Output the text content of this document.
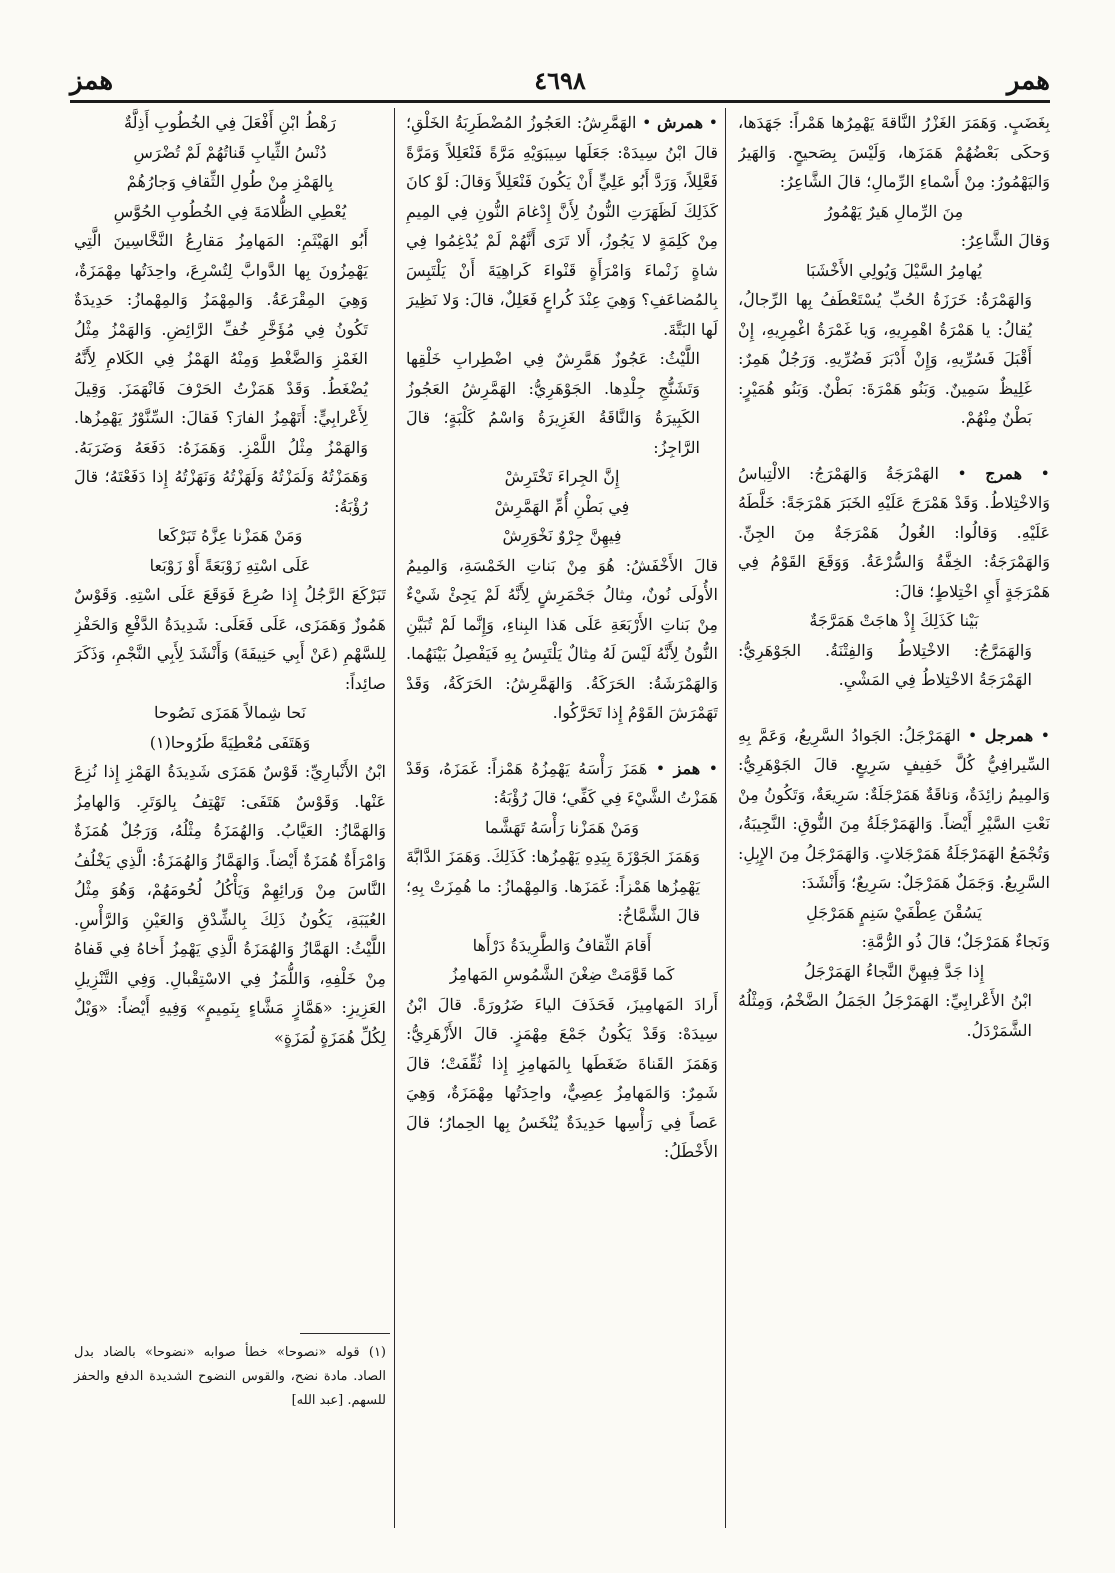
همر
٤٦٩٨
همز
بِغَضَبٍ. وَهَمَرَ الغَزْرُ النَّاقةَ يَهْمِرُها هَمْراً: جَهَدَها، وَحكَى بَعْضُهُمْ هَمَزَها، وَلَيْسَ بِصَحيحٍ. وَالهَيرُ وَاليَهْمُورُ: مِنْ أَسْماءِ الرِّمالِ؛ قالَ الشَّاعِرُ:
مِنَ الرِّمالِ هَيرٌ يَهْمُورُ
وَقالَ الشَّاعِرُ:
يُهامِرُ السَّيْلَ وَيُولِي الأَخْشَبَا
وَالهَمْرَةُ: خَرَزَةُ الحُبِّ يُسْتَعْطَفُ بِها الرِّجالُ، يُقالُ: يا هَمْرَةُ اهْمِرِيهِ، وَيا غَمْرَةُ اغْمِرِيهِ، إِنْ أَقْبَلَ فَسُرِّيهِ، وَإِنْ أَدْبَرَ فَضُرِّيهِ. وَرَجُلٌ هَمِرٌ: غَلِيظٌ سَمِينٌ. وَبَنُو هَمْرَةَ: بَطْنٌ. وَبَنُو هُمَيْرٍ: بَطْنٌ مِنْهُمْ.
• همرج • الهَمْرَجَةُ وَالهَمْرَجُ: الالْتِباسُ وَالاخْتِلاطُ. وَقَدْ هَمْرَجَ عَلَيْهِ الخَبَرَ هَمْرَجَةً: خَلَّطَهُ عَلَيْهِ. وَقالُوا: الغُولُ هَمْرَجَةٌ مِنَ الجِنِّ. وَالهَمْرَجَةُ: الخِفَّةُ وَالسُّرْعَةُ. وَوَقَعَ القَوْمُ فِي هَمْرَجَةٍ أَيِ اخْتِلاطٍ؛ قالَ:
بَيْنا كَذَلِكَ إِذْ هاجَتْ هَمَرَّجَةٌ
وَالهَمَرَّجُ: الاخْتِلاطُ وَالفِتْنَةُ. الجَوْهَرِيُّ: الهَمْرَجَةُ الاخْتِلاطُ فِي المَشْيِ.
• همرجل • الهَمَرْجَلُ: الجَوادُ السَّرِيعُ، وَعَمَّ بِهِ السِّيرافِيُّ كُلَّ خَفِيفٍ سَرِيعٍ. قالَ الجَوْهَرِيُّ: وَالمِيمُ زائِدَةٌ، وَناقَةٌ هَمَرْجَلَةٌ: سَرِيعَةٌ، وَتَكُونُ مِنْ نَعْتِ السَّيْرِ أَيْضاً. وَالهَمَرْجَلَةُ مِنَ النُّوقِ: النَّجِيبَةُ، وَتُجْمَعُ الهَمَرْجَلَةُ هَمَرْجَلاتٍ. وَالهَمَرْجَلُ مِنَ الإِبِلِ: السَّرِيعُ. وَجَمَلٌ هَمَرْجَلٌ: سَرِيعٌ؛ وَأَنْشَدَ:
يَسُقْنَ عِطْفَيْ سَنِمٍ هَمَرْجَلِ
وَنَجاءٌ هَمَرْجَلٌ؛ قالَ ذُو الرُّمَّةِ:
إِذا جَدَّ فِيهِنَّ النَّجاءُ الهَمَرْجَلُ
ابْنُ الأَعْرابِيِّ: الهَمَرْجَلُ الجَمَلُ الضَّخْمُ، وَمِثْلُهُ الشَّمَرْدَلُ.
• همرش • الهَمَّرِشُ: العَجُوزُ المُضْطَرِبَةُ الخَلْقِ؛ قالَ ابْنُ سِيدَهْ: جَعَلَها سِيبَوَيْهِ مَرَّةً فَنْعَلِلاً وَمَرَّةً فَعَّلِلاً، وَرَدَّ أَبُو عَلِيٍّ أَنْ يَكُونَ فَنْعَلِلاً وَقالَ: لَوْ كانَ كَذَلِكَ لَظَهَرَتِ النُّونُ لِأَنَّ إِدْغامَ النُّونِ فِي المِيمِ مِنْ كَلِمَةٍ لا يَجُوزُ، أَلا تَرَى أَنَّهُمْ لَمْ يُدْغِمُوا فِي شاةٍ زَنْماءَ وَامْرَأَةٍ قَنْواءَ كَراهِيَةَ أَنْ يَلْتَبِسَ بِالمُضاعَفِ؟ وَهِيَ عِنْدَ كُراعٍ فَعَلِلٌ، قالَ: وَلا نَظِيرَ لَها البَتَّةَ.
اللَّيْثُ: عَجُوزٌ هَمَّرِشٌ فِي اضْطِرابِ خَلْقِها وَتَشَنُّجِ جِلْدِها. الجَوْهَرِيُّ: الهَمَّرِشُ العَجُوزُ الكَبِيرَةُ وَالنَّاقَةُ الغَزِيرَةُ وَاسْمُ كَلْبَةٍ؛ قالَ الرَّاجِزُ:
إِنَّ الجِراءَ تَخْتَرِشْ
فِي بَطْنِ أُمِّ الهَمَّرِشْ
فِيهِنَّ جِرْوٌ نَخْوَرِشْ
قالَ الأَخْفَشُ: هُوَ مِنْ بَناتِ الخَمْسَةِ، وَالمِيمُ الأُولَى نُونٌ، مِثالُ جَحْمَرِشٍ لِأَنَّهُ لَمْ يَجِئْ شَيْءٌ مِنْ بَناتِ الأَرْبَعَةِ عَلَى هَذا البِناءِ، وَإِنَّما لَمْ تُبَيَّنِ النُّونُ لِأَنَّهُ لَيْسَ لَهُ مِثالٌ يَلْتَبِسُ بِهِ فَيَفْصِلُ بَيْنَهُما. وَالهَمْرَشَةُ: الحَرَكَةُ. وَالهَمَّرِشُ: الحَرَكَةُ، وَقَدْ تَهَمْرَشَ القَوْمُ إِذا تَحَرَّكُوا.
• همز • هَمَزَ رَأْسَهُ يَهْمِزُهُ هَمْزاً: غَمَزَهُ، وَقَدْ هَمَزْتُ الشَّيْءَ فِي كَفِّي؛ قالَ رُؤْبَةُ:
وَمَنْ هَمَزْنا رَأْسَهُ تَهَشَّما
وَهَمَزَ الجَوْزَةَ بِيَدِهِ يَهْمِزُها: كَذَلِكَ. وَهَمَزَ الدَّابَّةَ يَهْمِزُها هَمْزاً: غَمَزَها. وَالمِهْمازُ: ما هُمِزَتْ بِهِ؛ قالَ الشَّمَّاخُ:
أَقامَ الثِّقافُ وَالطَّرِيدَةُ دَرْأَها
كَما قَوَّمَتْ ضِغْنَ الشَّمُوسِ المَهامِزُ
أَرادَ المَهامِيزَ، فَحَذَفَ الياءَ ضَرُورَةً. قالَ ابْنُ سِيدَهْ: وَقَدْ يَكُونُ جَمْعَ مِهْمَزٍ. قالَ الأَزْهَرِيُّ: وَهَمَزَ القَناةَ ضَغَطَها بِالمَهامِزِ إِذا ثُقِّفَتْ؛ قالَ شَمِرٌ: وَالمَهامِزُ عِصِيٌّ، واحِدَتُها مِهْمَزَةٌ، وَهِيَ عَصاً فِي رَأْسِها حَدِيدَةٌ يُنْخَسُ بِها الحِمارُ؛ قالَ الأَخْطَلُ:
رَهْطُ ابْنِ أَفْعَلَ فِي الخُطُوبِ أَذِلَّةٌ
دُنْسُ الثِّيابِ قَناتُهُمْ لَمْ تُضْرَسِ
بِالهَمْزِ مِنْ طُولِ الثِّقافِ وَجارُهُمْ
يُعْطِي الظُّلامَةَ فِي الخُطُوبِ الحُوَّسِ
أَبُو الهَيْثَمِ: المَهامِزُ مَقارِعُ النَّخَّاسِينَ الَّتِي يَهْمِزُونَ بِها الدَّوابَّ لِتُسْرِعَ، واحِدَتُها مِهْمَزَةٌ، وَهِيَ المِقْرَعَةُ. وَالمِهْمَزُ وَالمِهْمازُ: حَدِيدَةٌ تَكُونُ فِي مُؤَخَّرِ خُفِّ الرَّائِضِ. وَالهَمْزُ مِثْلُ الغَمْزِ وَالضَّغْطِ وَمِنْهُ الهَمْزُ فِي الكَلامِ لِأَنَّهُ يُضْغَطُ. وَقَدْ هَمَزْتُ الحَرْفَ فَانْهَمَزَ. وَقِيلَ لِأَعْرابِيٍّ: أَتَهْمِزُ الفارَ؟ فَقالَ: السِّنَّوْرُ يَهْمِزُها. وَالهَمْزُ مِثْلُ اللَّمْزِ. وَهَمَزَهُ: دَفَعَهُ وَضَرَبَهُ. وَهَمَزْتُهُ وَلَمَزْتُهُ وَلَهَزْتُهُ وَنَهَزْتُهُ إِذا دَفَعْتَهُ؛ قالَ رُؤْبَةُ:
وَمَنْ هَمَزْنا عِزَّهُ تَبَرْكَعا
عَلَى اسْتِهِ زَوْبَعَةً أَوْ زَوْبَعا
تَبَرْكَعَ الرَّجُلُ إِذا صُرِعَ فَوَقَعَ عَلَى اسْتِهِ. وَقَوْسٌ هَمُوزٌ وَهَمَزَى، عَلَى فَعَلَى: شَدِيدَةُ الدَّفْعِ وَالحَفْزِ لِلسَّهْمِ (عَنْ أَبِي حَنِيفَةَ) وَأَنْشَدَ لِأَبِي النَّجْمِ، وَذَكَرَ صائِداً:
نَحا شِمالاً هَمَزَى نَصُوحا
وَهَتَفَى مُعْطِيَةً طَرُوحا(١)
ابْنُ الأَنْبارِيِّ: قَوْسٌ هَمَزَى شَدِيدَةُ الهَمْزِ إِذا نُزِعَ عَنْها. وَقَوْسٌ هَتَفَى: تَهْتِفُ بِالوَتَرِ. وَالهامِزُ وَالهَمَّازُ: العَيَّابُ. وَالهُمَزَةُ مِثْلُهُ، وَرَجُلٌ هُمَزَةٌ وَامْرَأَةٌ هُمَزَةٌ أَيْضاً. وَالهَمَّازُ وَالهُمَزَةُ: الَّذِي يَخْلُفُ النَّاسَ مِنْ وَرائِهِمْ وَيَأْكُلُ لُحُومَهُمْ، وَهُوَ مِثْلُ العُيَبَةِ، يَكُونُ ذَلِكَ بِالشِّدْقِ وَالعَيْنِ وَالرَّأْسِ. اللَّيْثُ: الهَمَّازُ وَالهُمَزَةُ الَّذِي يَهْمِزُ أَخاهُ فِي قَفاهُ مِنْ خَلْفِهِ، وَاللُّمَزُ فِي الاسْتِقْبالِ. وَفِي التَّنْزِيلِ العَزِيزِ: «هَمَّازٍ مَشَّاءٍ بِنَمِيمٍ» وَفِيهِ أَيْضاً: «وَيْلٌ لِكُلِّ هُمَزَةٍ لُمَزَةٍ»
(١) قوله «نصوحا» خطأ صوابه «نضوحا» بالضاد بدل الصاد. مادة نضح، والقوس النضوح الشديدة الدفع والحفز للسهم. [عبد الله]
